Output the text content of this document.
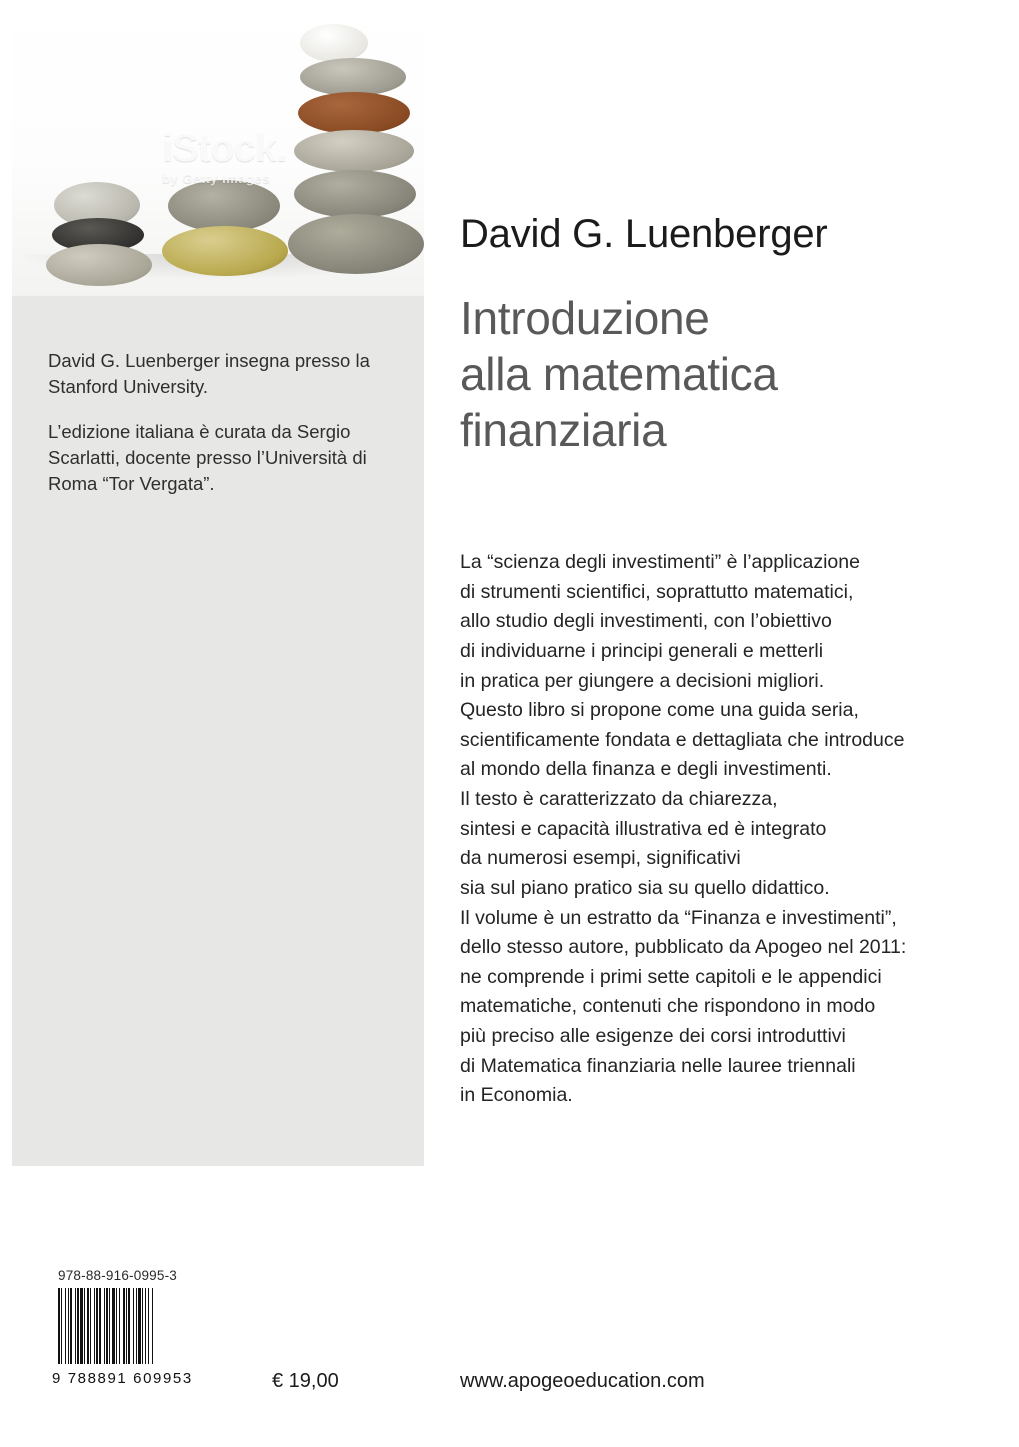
iStock.
by Getty Images

David G. Luenberger insegna presso la Stanford University.

L’edizione italiana è curata da Sergio Scarlatti, docente presso l’Università di Roma “Tor Vergata”.

David G. Luenberger
Introduzione
alla matematica
finanziaria
La “scienza degli investimenti” è l’applicazione
di strumenti scientifici, soprattutto matematici,
allo studio degli investimenti, con l’obiettivo
di individuarne i principi generali e metterli
in pratica per giungere a decisioni migliori.
Questo libro si propone come una guida seria,
scientificamente fondata e dettagliata che introduce
al mondo della finanza e degli investimenti.
Il testo è caratterizzato da chiarezza,
sintesi e capacità illustrativa ed è integrato
da numerosi esempi, significativi
sia sul piano pratico sia su quello didattico.
Il volume è un estratto da “Finanza e investimenti”,
dello stesso autore, pubblicato da Apogeo nel 2011:
ne comprende i primi sette capitoli e le appendici
matematiche, contenuti che rispondono in modo
più preciso alle esigenze dei corsi introduttivi
di Matematica finanziaria nelle lauree triennali
in Economia.
978-88-916-0995-3
9 788891 609953	€ 19,00	www.apogeoeducation.com
